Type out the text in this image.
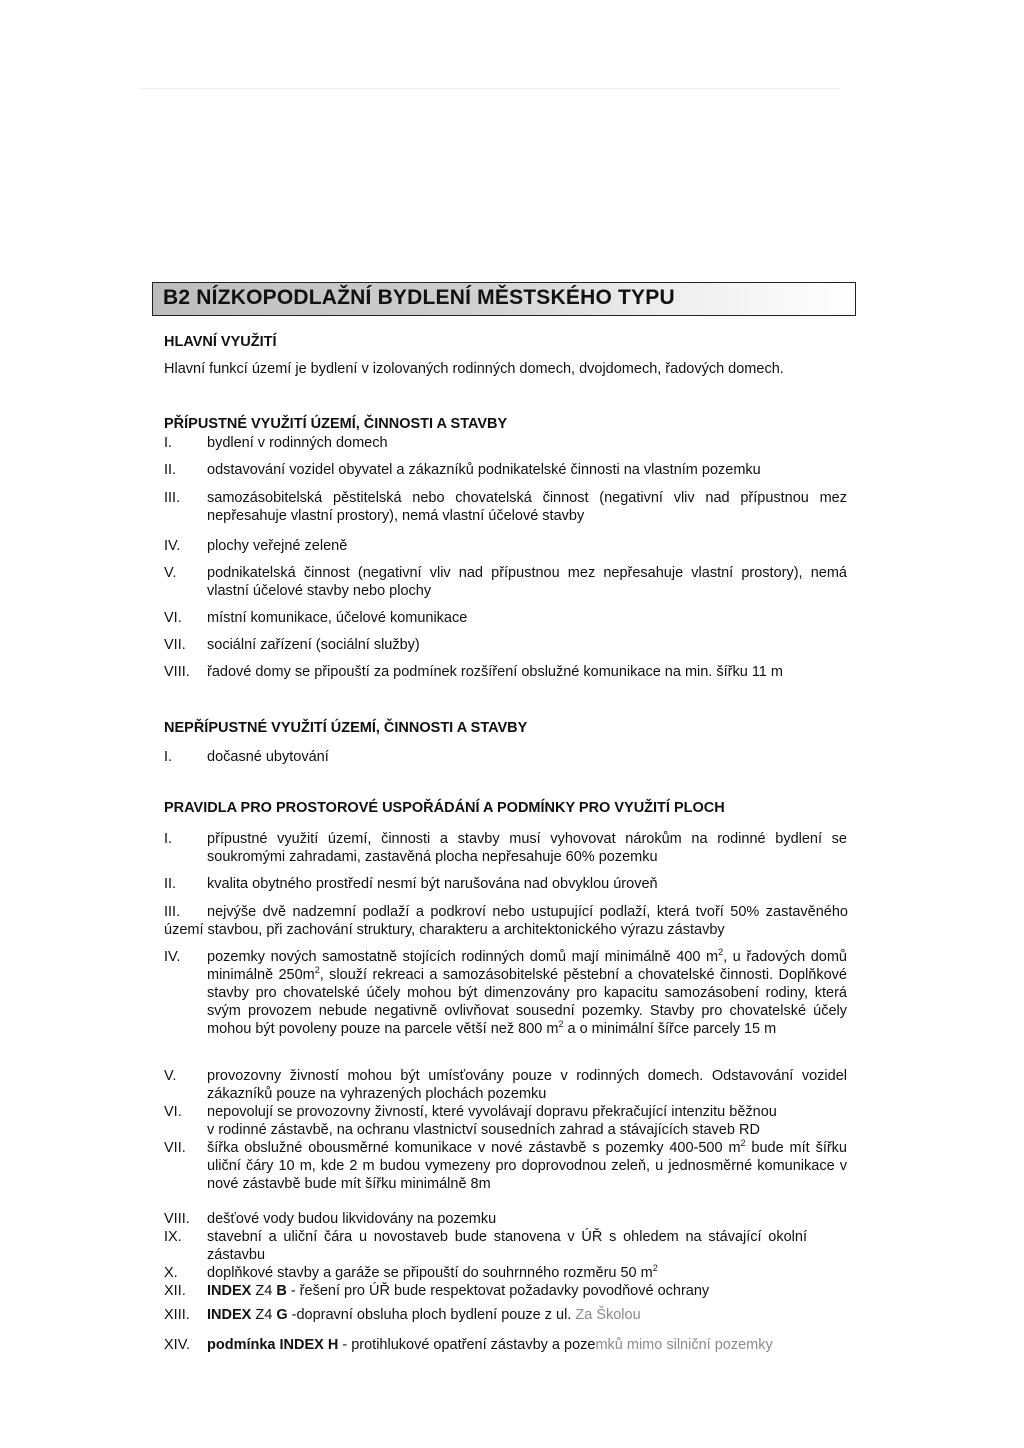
B2 NÍZKOPODLAŽNÍ BYDLENÍ MĚSTSKÉHO TYPU
HLAVNÍ VYUŽITÍ
Hlavní funkcí území je bydlení v izolovaných rodinných domech, dvojdomech, řadových domech.
PŘÍPUSTNÉ VYUŽITÍ ÚZEMÍ, ČINNOSTI A STAVBY
I.	bydlení v rodinných domech
II.	odstavování vozidel obyvatel a zákazníků podnikatelské činnosti na vlastním pozemku
III.	samozásobitelská pěstitelská nebo chovatelská činnost (negativní vliv nad přípustnou mez nepřesahuje vlastní prostory), nemá vlastní účelové stavby
IV.	plochy veřejné zeleně
V.	podnikatelská činnost (negativní vliv nad přípustnou mez nepřesahuje vlastní prostory), nemá vlastní účelové stavby nebo plochy
VI.	místní komunikace, účelové komunikace
VII.	sociální zařízení (sociální služby)
VIII.	řadové domy se připouští za podmínek rozšíření obslužné komunikace na min. šířku 11 m
NEPŘÍPUSTNÉ VYUŽITÍ ÚZEMÍ, ČINNOSTI A STAVBY
I.	dočasné ubytování
PRAVIDLA PRO PROSTOROVÉ USPOŘÁDÁNÍ A PODMÍNKY PRO VYUŽITÍ PLOCH
I.	přípustné využití území, činnosti a stavby musí vyhovovat nárokům na rodinné bydlení se soukromými zahradami, zastavěná plocha nepřesahuje 60% pozemku
II.	kvalita obytného prostředí nesmí být narušována nad obvyklou úroveň
III. nejvýše dvě nadzemní podlaží a podkroví nebo ustupující podlaží, která tvoří 50% zastavěného území stavbou, při zachování struktury, charakteru a architektonického výrazu zástavby
IV.	pozemky nových samostatně stojících rodinných domů mají minimálně 400 $m^2$, u řadových domů minimálně $250m^2$, slouží rekreaci a samozásobitelské pěstební a chovatelské činnosti. Doplňkové stavby pro chovatelské účely mohou být dimenzovány pro kapacitu samozásobení rodiny, která svým provozem nebude negativně ovlivňovat sousední pozemky. Stavby pro chovatelské účely mohou být povoleny pouze na parcele větší než 800 $m^2$ a o minimální šířce parcely 15 m
V.	provozovny živností mohou být umísťovány pouze v rodinných domech. Odstavování vozidel zákazníků pouze na vyhrazených plochách pozemku
VI.	nepovolují se provozovny živností, které vyvolávají dopravu překračující intenzitu běžnou
v rodinné zástavbě, na ochranu vlastnictví sousedních zahrad a stávajících staveb RD
VII.	šířka obslužné obousměrné komunikace v nové zástavbě s pozemky 400-500 $m^2$ bude mít šířku uliční čáry 10 m, kde 2 m budou vymezeny pro doprovodnou zeleň, u jednosměrné komunikace v nové zástavbě bude mít šířku minimálně 8m
VIII.	dešťové vody budou likvidovány na pozemku
IX.	stavební a uliční čára u novostaveb bude stanovena v ÚŘ s ohledem na stávající okolní zástavbu
X.	doplňkové stavby a garáže se připouští do souhrnného rozměru 50 $m^2$
XII.	INDEX Z4 B - řešení pro ÚŘ bude respektovat požadavky povodňové ochrany
XIII.	INDEX Z4 G -dopravní obsluha ploch bydlení pouze z ul. Za Školou
XIV.	podmínka INDEX H - protihlukové opatření zástavby a pozemků mimo silniční pozemky
